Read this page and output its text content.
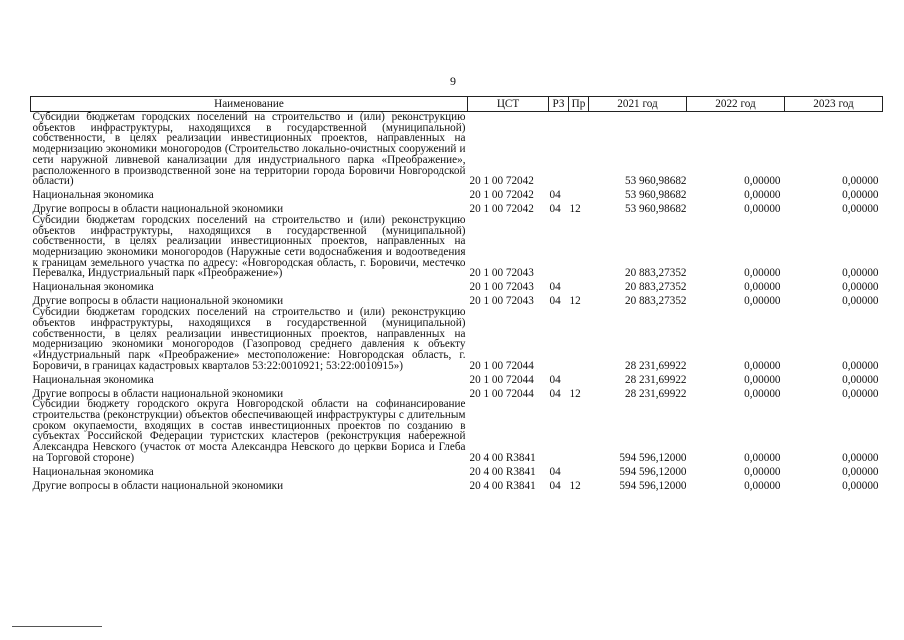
9
Наименование	ЦСТ	РЗ	Пр	2021 год	2022 год	2023 год
Субсидии бюджетам городских поселений на строительство и (или) реконструкцию объектов инфраструктуры, находящихся в государственной (муниципальной) собственности, в целях реализации инвестиционных проектов, направленных на модернизацию экономики моногородов (Строительство локально-очистных сооружений и сети наружной ливневой канализации для индустриального парка «Преображение», расположенного в производственной зоне на территории города Боровичи Новгородской области)	20 1 00 72042			53 960,98682	0,00000	0,00000
Национальная экономика	20 1 00 72042	04		53 960,98682	0,00000	0,00000
Другие вопросы в области национальной экономики	20 1 00 72042	04	12	53 960,98682	0,00000	0,00000
Субсидии бюджетам городских поселений на строительство и (или) реконструкцию объектов инфраструктуры, находящихся в государственной (муниципальной) собственности, в целях реализации инвестиционных проектов, направленных на модернизацию экономики моногородов (Наружные сети водоснабжения и водоотведения к границам земельного участка по адресу: «Новгородская область, г. Боровичи, местечко Перевалка, Индустриальный парк «Преображение»)	20 1 00 72043			20 883,27352	0,00000	0,00000
Национальная экономика	20 1 00 72043	04		20 883,27352	0,00000	0,00000
Другие вопросы в области национальной экономики	20 1 00 72043	04	12	20 883,27352	0,00000	0,00000
Субсидии бюджетам городских поселений на строительство и (или) реконструкцию объектов инфраструктуры, находящихся в государственной (муниципальной) собственности, в целях реализации инвестиционных проектов, направленных на модернизацию экономики моногородов (Газопровод среднего давления к объекту «Индустриальный парк «Преображение» местоположение: Новгородская область, г. Боровичи, в границах кадастровых кварталов 53:22:0010921; 53:22:0010915»)	20 1 00 72044			28 231,69922	0,00000	0,00000
Национальная экономика	20 1 00 72044	04		28 231,69922	0,00000	0,00000
Другие вопросы в области национальной экономики	20 1 00 72044	04	12	28 231,69922	0,00000	0,00000
Субсидии бюджету городского округа Новгородской области на софинансирование строительства (реконструкции) объектов обеспечивающей инфраструктуры с длительным сроком окупаемости, входящих в состав инвестиционных проектов по созданию в субъектах Российской Федерации туристских кластеров (реконструкция набережной Александра Невского (участок от моста Александра Невского до церкви Бориса и Глеба на Торговой стороне)	20 4 00 R3841			594 596,12000	0,00000	0,00000
Национальная экономика	20 4 00 R3841	04		594 596,12000	0,00000	0,00000
Другие вопросы в области национальной экономики	20 4 00 R3841	04	12	594 596,12000	0,00000	0,00000
